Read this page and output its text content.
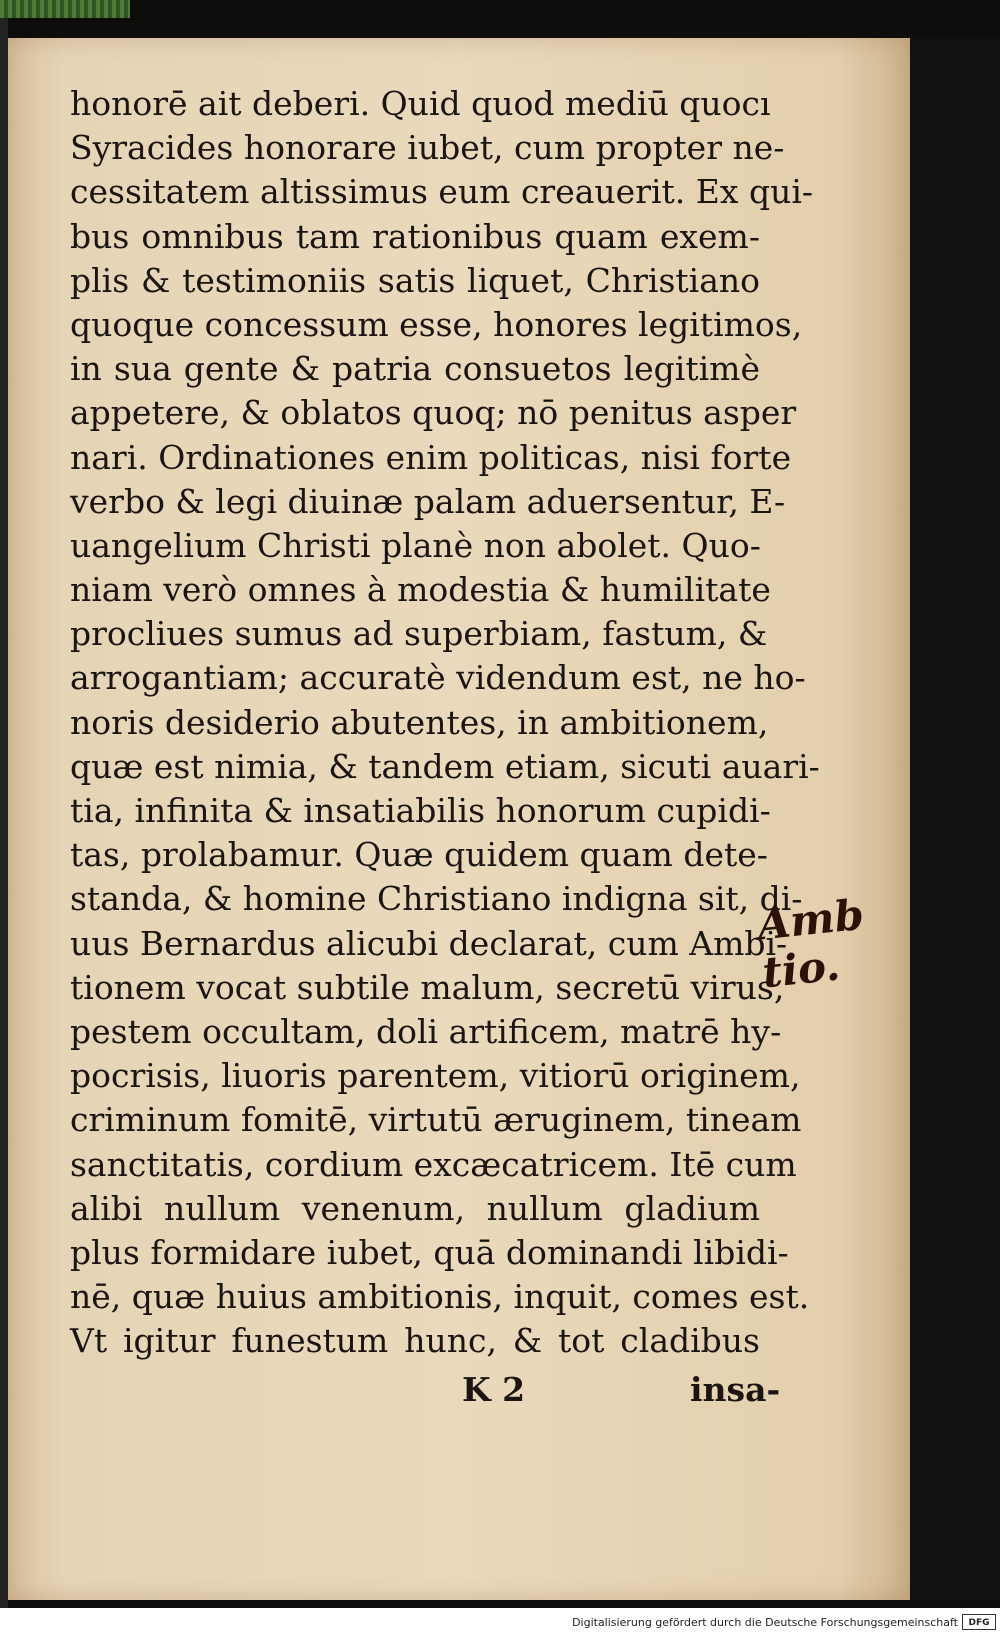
honorē ait deberi. Quid quod mediū quocı
Syracides honorare iubet, cum propter ne-
cessitatem altissimus eum creauerit. Ex qui-
bus omnibus tam rationibus quam exem-
plis & testimoniis satis liquet, Christiano
quoque concessum esse, honores legitimos,
in sua gente & patria consuetos legitimè
appetere, & oblatos quoq; nō penitus asper
nari. Ordinationes enim politicas, nisi forte
verbo & legi diuinæ palam aduersentur, E-
uangelium Christi planè non abolet. Quo-
niam verò omnes à modestia & humilitate
procliues sumus ad superbiam, fastum, &
arrogantiam; accuratè videndum est, ne ho-
noris desiderio abutentes, in ambitionem,
quæ est nimia, & tandem etiam, sicuti auari-
tia, infinita & insatiabilis honorum cupidi-
tas, prolabamur. Quæ quidem quam dete-
standa, & homine Christiano indigna sit, di-
uus Bernardus alicubi declarat, cum Ambi-
tionem vocat subtile malum, secretū virus,
pestem occultam, doli artificem, matrē hy-
pocrisis, liuoris parentem, vitiorū originem,
criminum fomitē, virtutū æruginem, tineam
sanctitatis, cordium excæcatricem. Itē cum
alibi nullum venenum, nullum gladium
plus formidare iubet, quā dominandi libidi-
nē, quæ huius ambitionis, inquit, comes est.
Vt igitur funestum hunc, & tot cladibus
K 2	insa-
Amb
tio.
Digitalisierung gefördert durch die Deutsche Forschungsgemeinschaft	DFG
